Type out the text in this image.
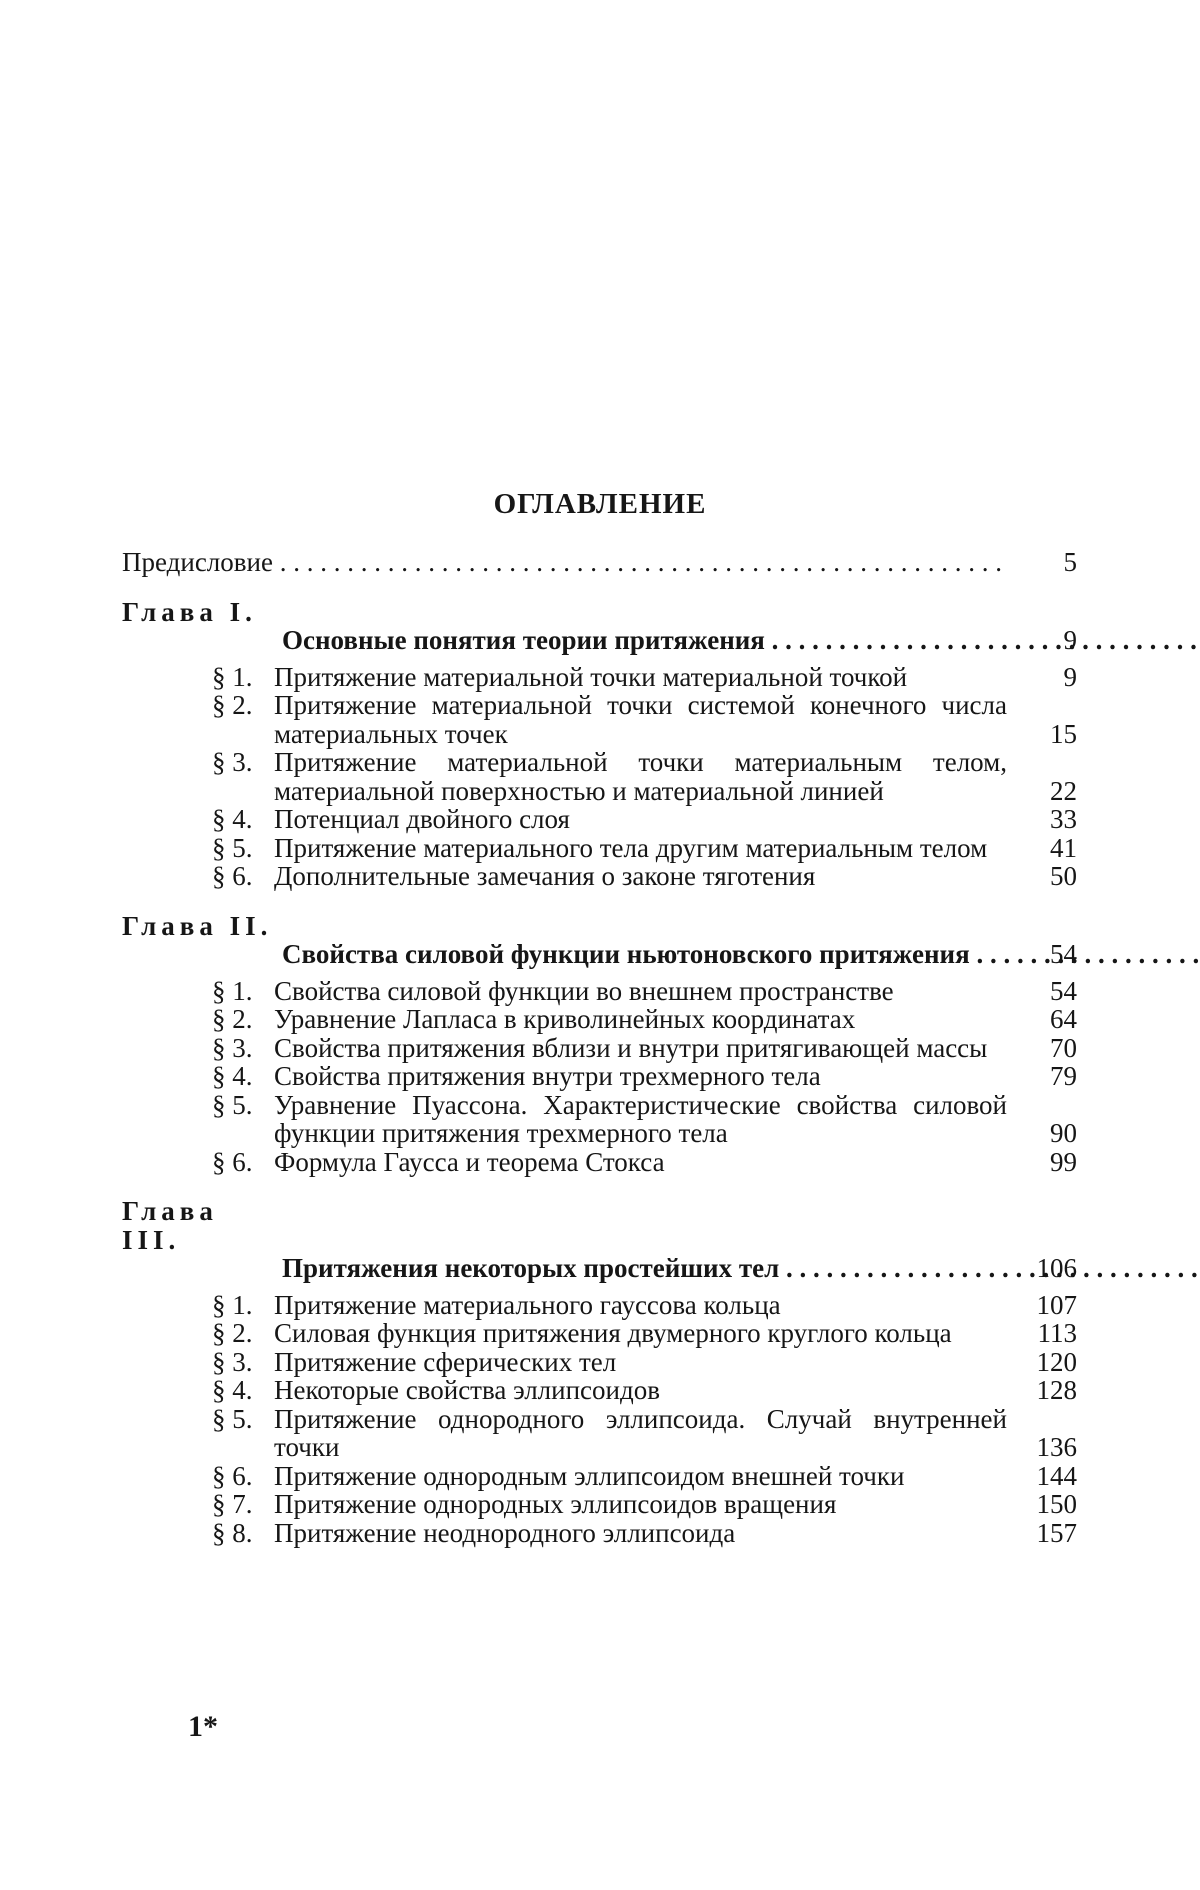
ОГЛАВЛЕНИЕ
Предисловие . . .	5
Глава I.Основные понятия теории притяжения . . .	9
§ 1. Притяжение материальной точки материальной точкой	9
§ 2. Притяжение материальной точки системой конечного числа материальных точек	15
§ 3. Притяжение материальной точки материальным телом, материальной поверхностью и материальной линией	22
§ 4. Потенциал двойного слоя	33
§ 5. Притяжение материального тела другим материальным телом	41
§ 6. Дополнительные замечания о законе тяготения	50
Глава II.Свойства силовой функции ньютоновского притяжения . . .	54
§ 1. Свойства силовой функции во внешнем пространстве	54
§ 2. Уравнение Лапласа в криволинейных координатах	64
§ 3. Свойства притяжения вблизи и внутри притягивающей массы	70
§ 4. Свойства притяжения внутри трехмерного тела	79
§ 5. Уравнение Пуассона. Характеристические свойства силовой функции притяжения трехмерного тела	90
§ 6. Формула Гаусса и теорема Стокса	99
Глава III.Притяжения некоторых простейших тел . . .	106
§ 1. Притяжение материального гауссова кольца	107
§ 2. Силовая функция притяжения двумерного круглого кольца	113
§ 3. Притяжение сферических тел	120
§ 4. Некоторые свойства эллипсоидов	128
§ 5. Притяжение однородного эллипсоида. Случай внутренней точки	136
§ 6. Притяжение однородным эллипсоидом внешней точки	144
§ 7. Притяжение однородных эллипсоидов вращения	150
§ 8. Притяжение неоднородного эллипсоида	157
1*
